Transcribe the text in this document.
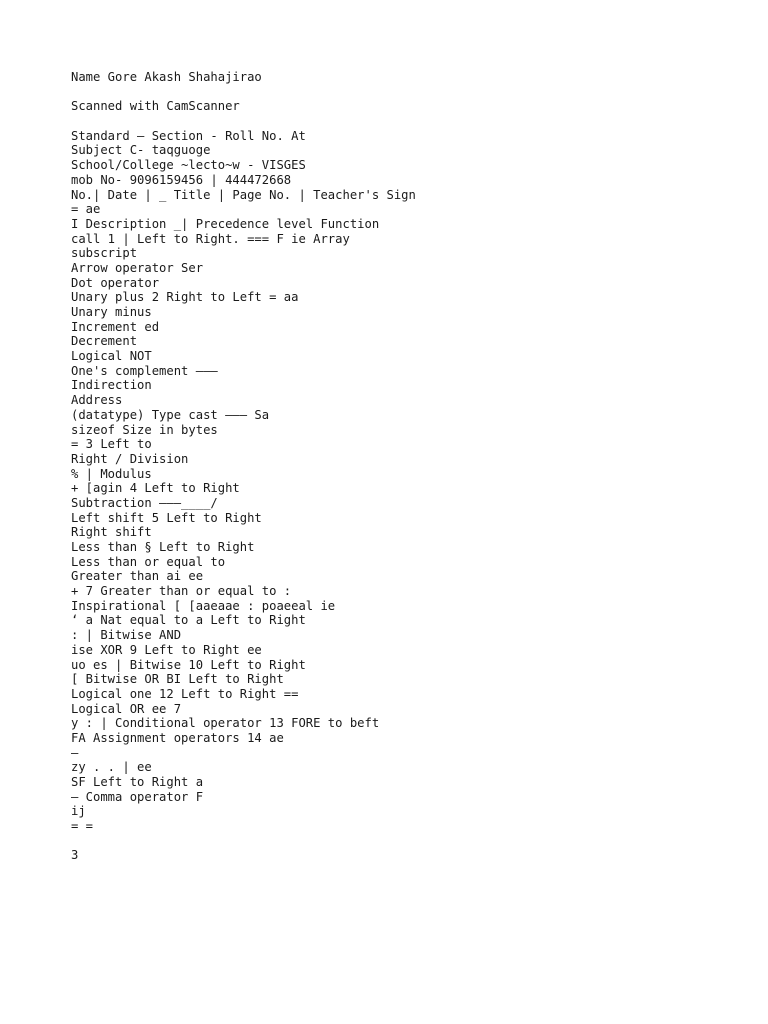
Name Gore Akash Shahajirao
Scanned with CamScanner
Standard — Section - Roll No. At
Subject C- taqguoge
School/College ~lecto~w - VISGES
mob No- 9096159456 | 444472668
No.| Date | _ Title | Page No. | Teacher's Sign
= ae
I Description _| Precedence level Function
call 1 | Left to Right. === F ie Array
subscript
Arrow operator Ser
Dot operator
Unary plus 2 Right to Left = aa
Unary minus
Increment ed
Decrement
Logical NOT
One's complement ———
Indirection
Address
(datatype) Type cast ——— Sa
sizeof Size in bytes
= 3 Left to
Right / Division
% | Modulus
+ [agin 4 Left to Right
Subtraction ———____/
Left shift 5 Left to Right
Right shift
Less than § Left to Right
Less than or equal to
Greater than ai ee
+ 7 Greater than or equal to :
Inspirational [ [aaeaae : poaeeal ie
‘ a Nat equal to a Left to Right
: | Bitwise AND
ise XOR 9 Left to Right ee
uo es | Bitwise 10 Left to Right
[ Bitwise OR BI Left to Right
Logical one 12 Left to Right ==
Logical OR ee 7
y : | Conditional operator 13 FORE to beft
FA Assignment operators 14 ae
—
zy . . | ee
SF Left to Right a
— Comma operator F
ij
= =
3
